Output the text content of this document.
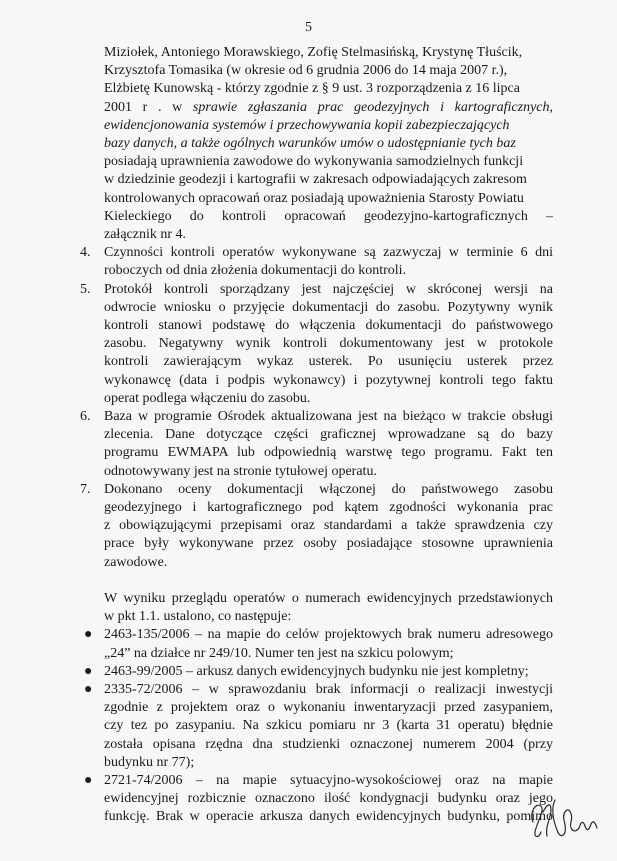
5

Miziołek, Antoniego Morawskiego, Zofię Stelmasińską, Krystynę Tłuścik,

Krzysztofa Tomasika (w okresie od 6 grudnia 2006 do 14 maja 2007 r.),

Elżbietę Kunowską - którzy zgodnie z § 9 ust. 3 rozporządzenia z 16 lipca

2001 r . w sprawie zgłaszania prac geodezyjnych i kartograficznych,

ewidencjonowania systemów i przechowywania kopii zabezpieczających

bazy danych, a także ogólnych warunków umów o udostępnianie tych baz

posiadają uprawnienia zawodowe do wykonywania samodzielnych funkcji

w dziedzinie geodezji i kartografii w zakresach odpowiadających zakresom

kontrolowanych opracowań oraz posiadają upoważnienia Starosty Powiatu

Kieleckiego do kontroli opracowań geodezyjno-kartograficznych –

załącznik nr 4.

4. Czynności kontroli operatów wykonywane są zazwyczaj w terminie 6 dni

roboczych od dnia złożenia dokumentacji do kontroli.

5. Protokół kontroli sporządzany jest najczęściej w skróconej wersji na

odwrocie wniosku o przyjęcie dokumentacji do zasobu. Pozytywny wynik

kontroli stanowi podstawę do włączenia dokumentacji do państwowego

zasobu. Negatywny wynik kontroli dokumentowany jest w protokole

kontroli zawierającym wykaz usterek. Po usunięciu usterek przez

wykonawcę (data i podpis wykonawcy) i pozytywnej kontroli tego faktu

operat podlega włączeniu do zasobu.

6. Baza w programie Ośrodek aktualizowana jest na bieżąco w trakcie obsługi

zlecenia. Dane dotyczące części graficznej wprowadzane są do bazy

programu EWMAPA lub odpowiednią warstwę tego programu. Fakt ten

odnotowywany jest na stronie tytułowej operatu.

7. Dokonano oceny dokumentacji włączonej do państwowego zasobu

geodezyjnego i kartograficznego pod kątem zgodności wykonania prac

z obowiązującymi przepisami oraz standardami a także sprawdzenia czy

prace były wykonywane przez osoby posiadające stosowne uprawnienia

zawodowe.

W wyniku przeglądu operatów o numerach ewidencyjnych przedstawionych

w pkt 1.1. ustalono, co następuje:

● 2463-135/2006 – na mapie do celów projektowych brak numeru adresowego

„24” na działce nr 249/10. Numer ten jest na szkicu polowym;

● 2463-99/2005 – arkusz danych ewidencyjnych budynku nie jest kompletny;

● 2335-72/2006 – w sprawozdaniu brak informacji o realizacji inwestycji

zgodnie z projektem oraz o wykonaniu inwentaryzacji przed zasypaniem,

czy tez po zasypaniu. Na szkicu pomiaru nr 3 (karta 31 operatu) błędnie

została opisana rzędna dna studzienki oznaczonej numerem 2004 (przy

budynku nr 77);

● 2721-74/2006 – na mapie sytuacyjno-wysokościowej oraz na mapie

ewidencyjnej rozbicznie oznaczono ilość kondygnacji budynku oraz jego

funkcję. Brak w operacie arkusza danych ewidencyjnych budynku, pomimo
